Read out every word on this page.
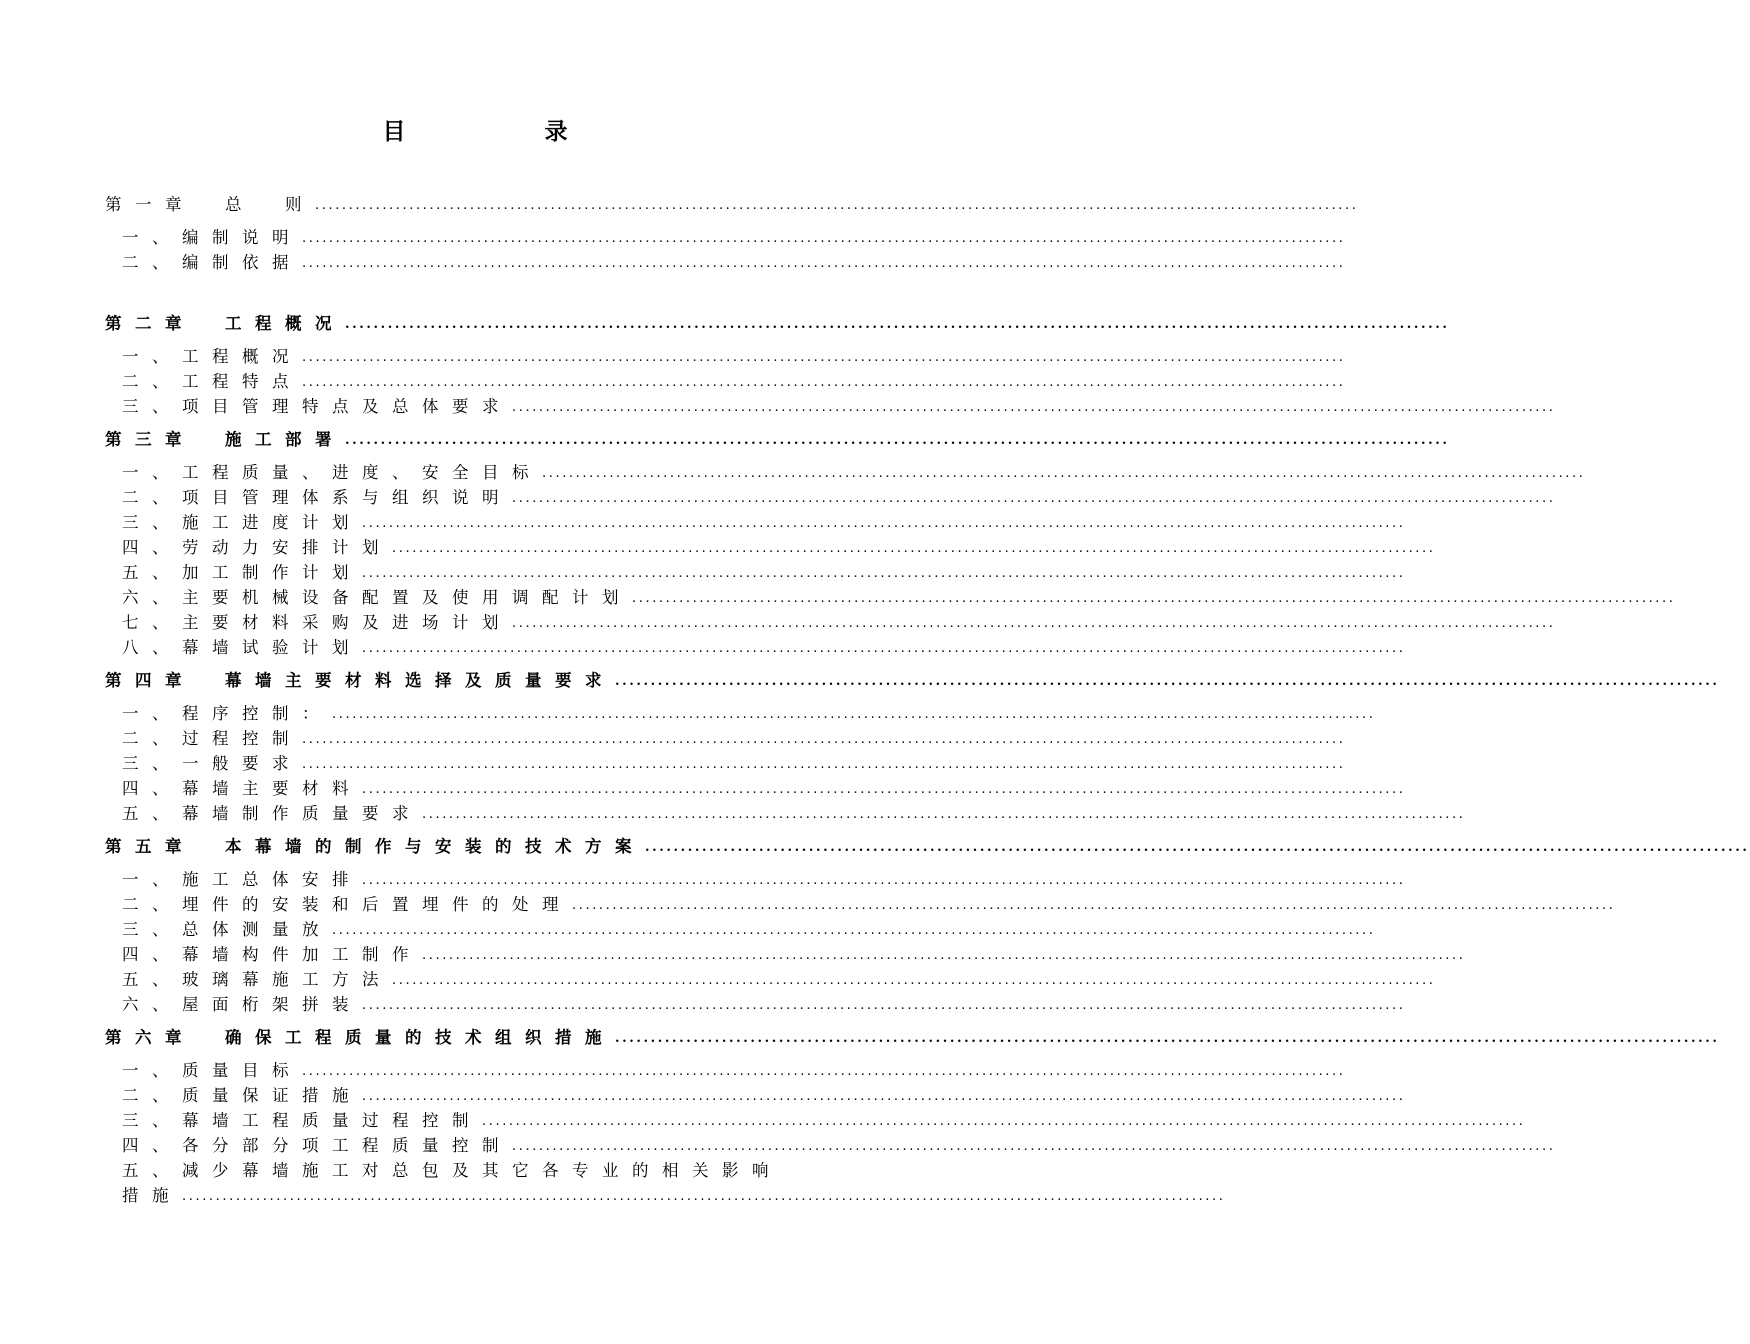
目　录
第一章　总　则 ...........................................................................................................................................................
一、编制说明 ...........................................................................................................................................................
二、编制依据 ...........................................................................................................................................................
第二章　工程概况 ...........................................................................................................................................................
一、工程概况 ...........................................................................................................................................................
二、工程特点 ...........................................................................................................................................................
三、项目管理特点及总体要求 ...........................................................................................................................................................
第三章　施工部署 ...........................................................................................................................................................
一、工程质量、进度、安全目标 ...........................................................................................................................................................
二、项目管理体系与组织说明 ...........................................................................................................................................................
三、施工进度计划 ...........................................................................................................................................................
四、劳动力安排计划 ...........................................................................................................................................................
五、加工制作计划 ...........................................................................................................................................................
六、主要机械设备配置及使用调配计划 ...........................................................................................................................................................
七、主要材料采购及进场计划 ...........................................................................................................................................................
八、幕墙试验计划 ...........................................................................................................................................................
第四章　幕墙主要材料选择及质量要求 ...........................................................................................................................................................
一、程序控制： ...........................................................................................................................................................
二、过程控制 ...........................................................................................................................................................
三、一般要求 ...........................................................................................................................................................
四、幕墙主要材料 ...........................................................................................................................................................
五、幕墙制作质量要求 ...........................................................................................................................................................
第五章　本幕墙的制作与安装的技术方案 ...........................................................................................................................................................
一、施工总体安排 ...........................................................................................................................................................
二、埋件的安装和后置埋件的处理 ...........................................................................................................................................................
三、总体测量放 ...........................................................................................................................................................
四、幕墙构件加工制作 ...........................................................................................................................................................
五、玻璃幕施工方法 ...........................................................................................................................................................
六、屋面桁架拼装 ...........................................................................................................................................................
第六章　确保工程质量的技术组织措施 ...........................................................................................................................................................
一、质量目标 ...........................................................................................................................................................
二、质量保证措施 ...........................................................................................................................................................
三、幕墙工程质量过程控制 ...........................................................................................................................................................
四、各分部分项工程质量控制 ...........................................................................................................................................................
五、减少幕墙施工对总包及其它各专业的相关影响
措施 ...........................................................................................................................................................
